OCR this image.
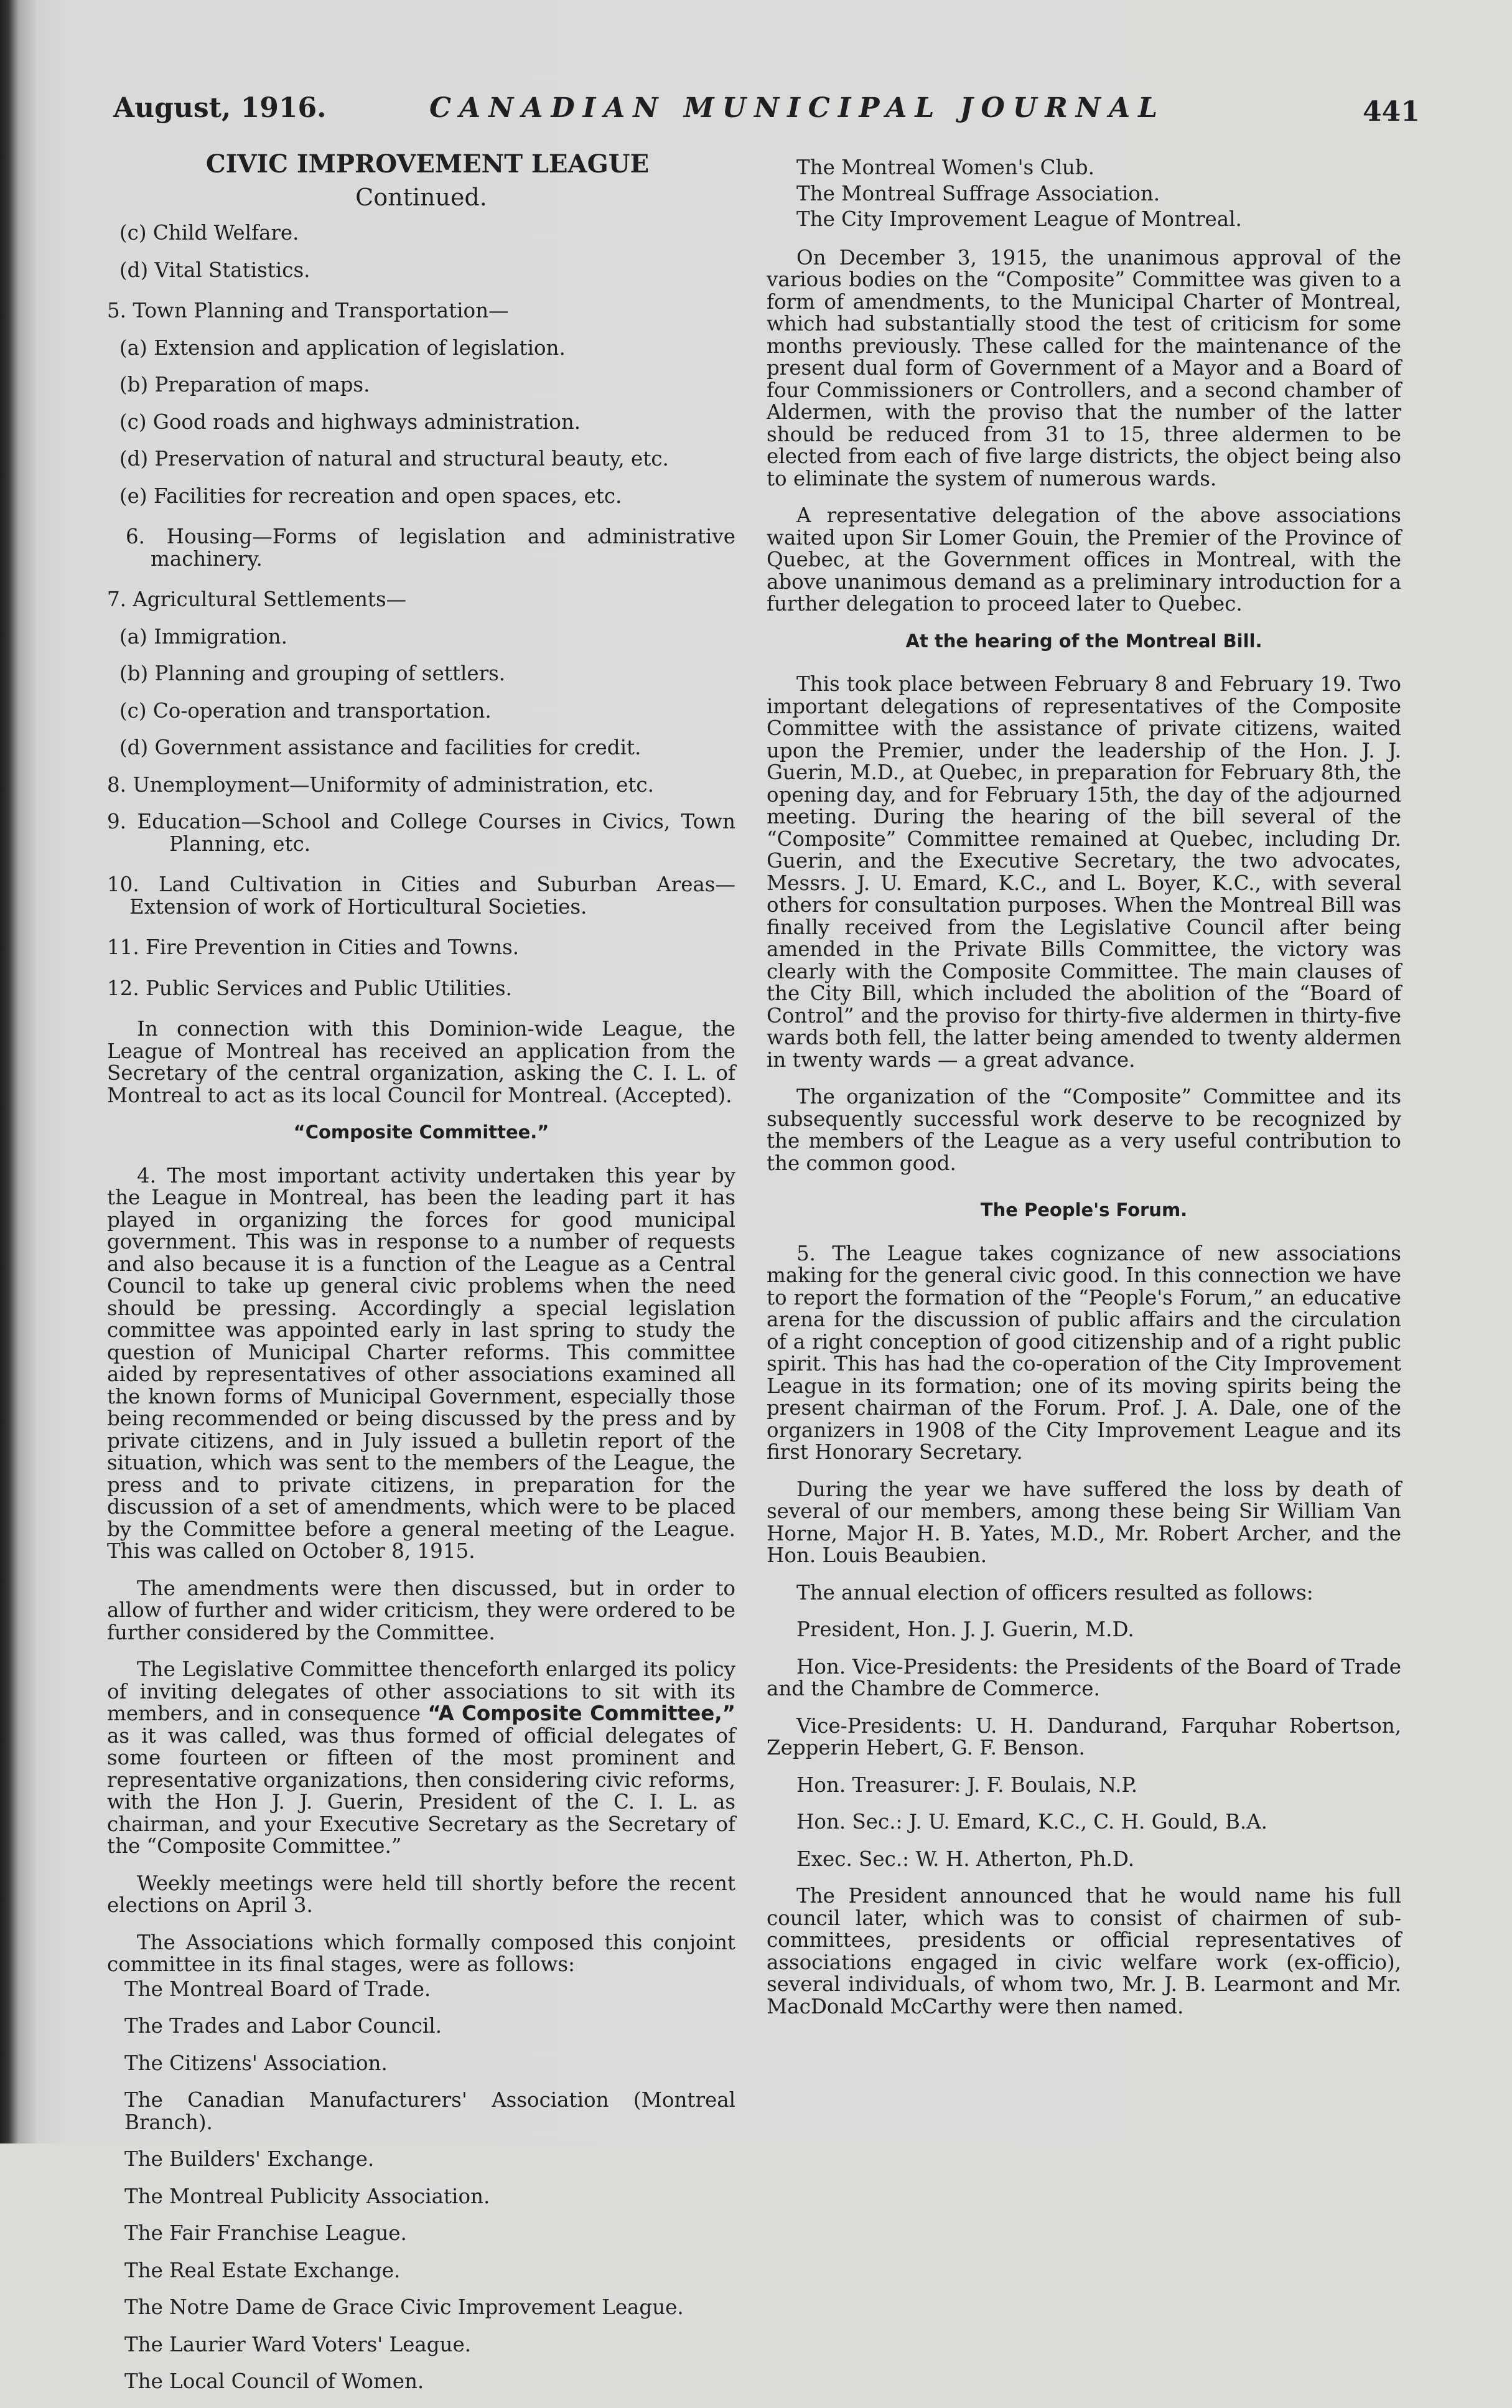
August, 1916.	CANADIAN MUNICIPAL JOURNAL	441
CIVIC IMPROVEMENT LEAGUE
Continued.

(c) Child Welfare.

(d) Vital Statistics.

5. Town Planning and Transportation—

(a) Extension and application of legislation.

(b) Preparation of maps.

(c) Good roads and highways administration.

(d) Preservation of natural and structural beauty, etc.

(e) Facilities for recreation and open spaces, etc.

6. Housing—Forms of legislation and administrative machinery.

7. Agricultural Settlements—

(a) Immigration.

(b) Planning and grouping of settlers.

(c) Co-operation and transportation.

(d) Government assistance and facilities for credit.

8. Unemployment—Uniformity of administration, etc.

9. Education—School and College Courses in Civics, Town Planning, etc.

10. Land Cultivation in Cities and Suburban Areas—Extension of work of Horticultural Societies.

11. Fire Prevention in Cities and Towns.

12. Public Services and Public Utilities.

In connection with this Dominion-wide League, the League of Montreal has received an application from the Secretary of the central organization, asking the C. I. L. of Montreal to act as its local Council for Montreal. (Accepted).

“Composite Committee.”

4. The most important activity undertaken this year by the League in Montreal, has been the leading part it has played in organizing the forces for good municipal government. This was in response to a number of requests and also because it is a function of the League as a Central Council to take up general civic problems when the need should be pressing. Accordingly a special legislation committee was appointed early in last spring to study the question of Municipal Charter reforms. This committee aided by representatives of other associations examined all the known forms of Municipal Government, especially those being recommended or being discussed by the press and by private citizens, and in July issued a bulletin report of the situation, which was sent to the members of the League, the press and to private citizens, in preparation for the discussion of a set of amendments, which were to be placed by the Committee before a general meeting of the League. This was called on October 8, 1915.

The amendments were then discussed, but in order to allow of further and wider criticism, they were ordered to be further considered by the Committee.

The Legislative Committee thenceforth enlarged its policy of inviting delegates of other associations to sit with its members, and in consequence “A Composite Committee,” as it was called, was thus formed of official delegates of some fourteen or fifteen of the most prominent and representative organizations, then considering civic reforms, with the Hon J. J. Guerin, President of the C. I. L. as chairman, and your Executive Secretary as the Secretary of the “Composite Committee.”

Weekly meetings were held till shortly before the recent elections on April 3.

The Associations which formally composed this conjoint committee in its final stages, were as follows:

The Montreal Board of Trade.

The Trades and Labor Council.

The Citizens' Association.

The Canadian Manufacturers' Association (Montreal Branch).

The Builders' Exchange.

The Montreal Publicity Association.

The Fair Franchise League.

The Real Estate Exchange.

The Notre Dame de Grace Civic Improvement League.

The Laurier Ward Voters' League.

The Local Council of Women.

The Montreal Women's Club.

The Montreal Suffrage Association.

The City Improvement League of Montreal.

On December 3, 1915, the unanimous approval of the various bodies on the “Composite” Committee was given to a form of amendments, to the Municipal Charter of Montreal, which had substantially stood the test of criticism for some months previously. These called for the maintenance of the present dual form of Government of a Mayor and a Board of four Commissioners or Controllers, and a second chamber of Aldermen, with the proviso that the number of the latter should be reduced from 31 to 15, three aldermen to be elected from each of five large districts, the object being also to eliminate the system of numerous wards.

A representative delegation of the above associations waited upon Sir Lomer Gouin, the Premier of the Province of Quebec, at the Government offices in Montreal, with the above unanimous demand as a preliminary introduction for a further delegation to proceed later to Quebec.

At the hearing of the Montreal Bill.

This took place between February 8 and February 19. Two important delegations of representatives of the Composite Committee with the assistance of private citizens, waited upon the Premier, under the leadership of the Hon. J. J. Guerin, M.D., at Quebec, in preparation for February 8th, the opening day, and for February 15th, the day of the adjourned meeting. During the hearing of the bill several of the “Composite” Committee remained at Quebec, including Dr. Guerin, and the Executive Secretary, the two advocates, Messrs. J. U. Emard, K.C., and L. Boyer, K.C., with several others for consultation purposes. When the Montreal Bill was finally received from the Legislative Council after being amended in the Private Bills Committee, the victory was clearly with the Composite Committee. The main clauses of the City Bill, which included the abolition of the “Board of Control” and the proviso for thirty-five aldermen in thirty-five wards both fell, the latter being amended to twenty aldermen in twenty wards — a great advance.

The organization of the “Composite” Committee and its subsequently successful work deserve to be recognized by the members of the League as a very useful contribution to the common good.

The People's Forum.

5. The League takes cognizance of new associations making for the general civic good. In this connection we have to report the formation of the “People's Forum,” an educative arena for the discussion of public affairs and the circulation of a right conception of good citizenship and of a right public spirit. This has had the co-operation of the City Improvement League in its formation; one of its moving spirits being the present chairman of the Forum. Prof. J. A. Dale, one of the organizers in 1908 of the City Improvement League and its first Honorary Secretary.

During the year we have suffered the loss by death of several of our members, among these being Sir William Van Horne, Major H. B. Yates, M.D., Mr. Robert Archer, and the Hon. Louis Beaubien.

The annual election of officers resulted as follows:

President, Hon. J. J. Guerin, M.D.

Hon. Vice-Presidents: the Presidents of the Board of Trade and the Chambre de Commerce.

Vice-Presidents: U. H. Dandurand, Farquhar Robertson, Zepperin Hebert, G. F. Benson.

Hon. Treasurer: J. F. Boulais, N.P.

Hon. Sec.: J. U. Emard, K.C., C. H. Gould, B.A.

Exec. Sec.: W. H. Atherton, Ph.D.

The President announced that he would name his full council later, which was to consist of chairmen of sub-committees, presidents or official representatives of associations engaged in civic welfare work (ex-officio), several individuals, of whom two, Mr. J. B. Learmont and Mr. MacDonald McCarthy were then named.
